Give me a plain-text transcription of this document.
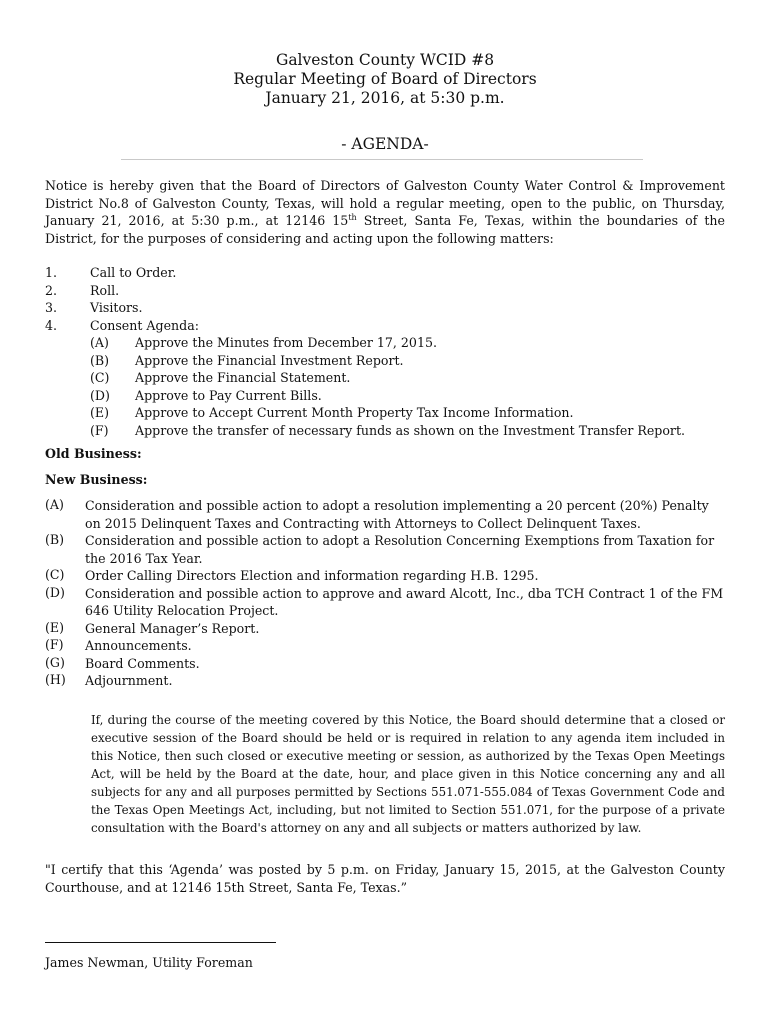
Galveston County WCID #8
Regular Meeting of Board of Directors
January 21, 2016, at 5:30 p.m.
- AGENDA-
Notice is hereby given that the Board of Directors of Galveston County Water Control & Improvement District No.8 of Galveston County, Texas, will hold a regular meeting, open to the public, on Thursday, January 21, 2016, at 5:30 p.m., at 12146 15th Street, Santa Fe, Texas, within the boundaries of the District, for the purposes of considering and acting upon the following matters:
1.	Call to Order.
2.	Roll.
3.	Visitors.
4.	Consent Agenda:
(A) Approve the Minutes from December 17, 2015.
(B) Approve the Financial Investment Report.
(C) Approve the Financial Statement.
(D) Approve to Pay Current Bills.
(E) Approve to Accept Current Month Property Tax Income Information.
(F) Approve the transfer of necessary funds as shown on the Investment Transfer Report.
Old Business:
New Business:
(A) Consideration and possible action to adopt a resolution implementing a 20 percent (20%) Penalty on 2015 Delinquent Taxes and Contracting with Attorneys to Collect Delinquent Taxes.
(B) Consideration and possible action to adopt a Resolution Concerning Exemptions from Taxation for the 2016 Tax Year.
(C) Order Calling Directors Election and information regarding H.B. 1295.
(D) Consideration and possible action to approve and award Alcott, Inc., dba TCH Contract 1 of the FM 646 Utility Relocation Project.
(E) General Manager’s Report.
(F) Announcements.
(G) Board Comments.
(H) Adjournment.
If, during the course of the meeting covered by this Notice, the Board should determine that a closed or executive session of the Board should be held or is required in relation to any agenda item included in this Notice, then such closed or executive meeting or session, as authorized by the Texas Open Meetings Act, will be held by the Board at the date, hour, and place given in this Notice concerning any and all subjects for any and all purposes permitted by Sections 551.071-555.084 of Texas Government Code and the Texas Open Meetings Act, including, but not limited to Section 551.071, for the purpose of a private consultation with the Board's attorney on any and all subjects or matters authorized by law.
"I certify that this ‘Agenda’ was posted by 5 p.m. on Friday, January 15, 2015, at the Galveston County Courthouse, and at 12146 15th Street, Santa Fe, Texas.”
James Newman, Utility Foreman
